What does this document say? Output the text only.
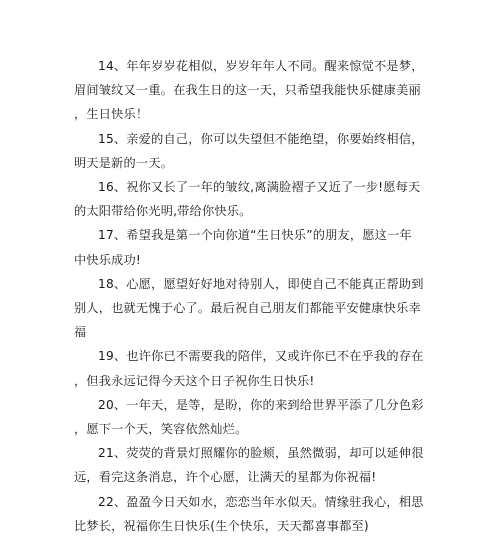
14、年年岁岁花相似，岁岁年年人不同。醒来惊觉不是梦，
眉间皱纹又一重。在我生日的这一天，只希望我能快乐健康美丽
，生日快乐！

15、亲爱的自己，你可以失望但不能绝望，你要始终相信，
明天是新的一天。

16、祝你又长了一年的皱纹,离满脸褶子又近了一步!愿每天
的太阳带给你光明,带给你快乐。

17、希望我是第一个向你道“生日快乐”的朋友，愿这一年
中快乐成功!

18、心愿，愿望好好地对待别人，即使自己不能真正帮助到
别人，也就无愧于心了。最后祝自己朋友们都能平安健康快乐幸
福

19、也许你已不需要我的陪伴，又或许你已不在乎我的存在
，但我永远记得今天这个日子祝你生日快乐!

20、一年天，是等，是盼，你的来到给世界平添了几分色彩
，愿下一个天，笑容依然灿烂。

21、荧荧的背景灯照耀你的脸颊，虽然微弱，却可以延伸很
远，看完这条消息，许个心愿，让满天的星都为你祝福!

22、盈盈今日天如水，恋恋当年水似天。情缘驻我心，相思
比梦长，祝福你生日快乐(生个快乐，天天都喜事都至)
